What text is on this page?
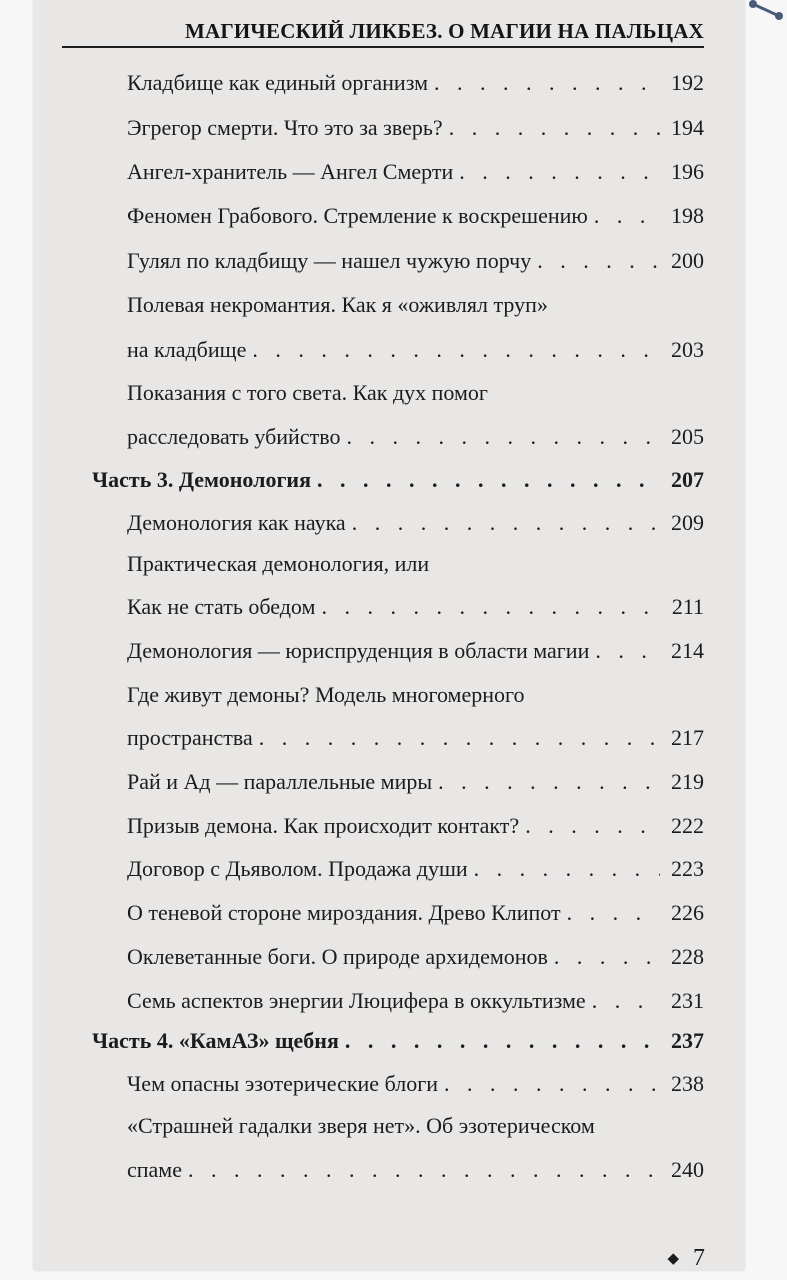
МАГИЧЕСКИЙ ЛИКБЕЗ. О МАГИИ НА ПАЛЬЦАХ
Кладбище как единый организм . . .	192
Эгрегор смерти. Что это за зверь? . . .	194
Ангел-хранитель — Ангел Смерти . . .	196
Феномен Грабового. Стремление к воскрешению . . .	198
Гулял по кладбищу — нашел чужую порчу . . .	200
Полевая некромантия. Как я «оживлял труп»
на кладбище . . .	203
Показания с того света. Как дух помог
расследовать убийство . . .	205
Часть 3. Демонология . . .	207
Демонология как наука . . .	209
Практическая демонология, или
Как не стать обедом . . .	211
Демонология — юриспруденция в области магии . . .	214
Где живут демоны? Модель многомерного
пространства . . .	217
Рай и Ад — параллельные миры . . .	219
Призыв демона. Как происходит контакт? . . .	222
Договор с Дьяволом. Продажа души . . .	223
О теневой стороне мироздания. Древо Клипот . . .	226
Оклеветанные боги. О природе архидемонов . . .	228
Семь аспектов энергии Люцифера в оккультизме . . .	231
Часть 4. «КамАЗ» щебня . . .	237
Чем опасны эзотерические блоги . . .	238
«Страшней гадалки зверя нет». Об эзотерическом
спаме . . .	240
◆ 7
